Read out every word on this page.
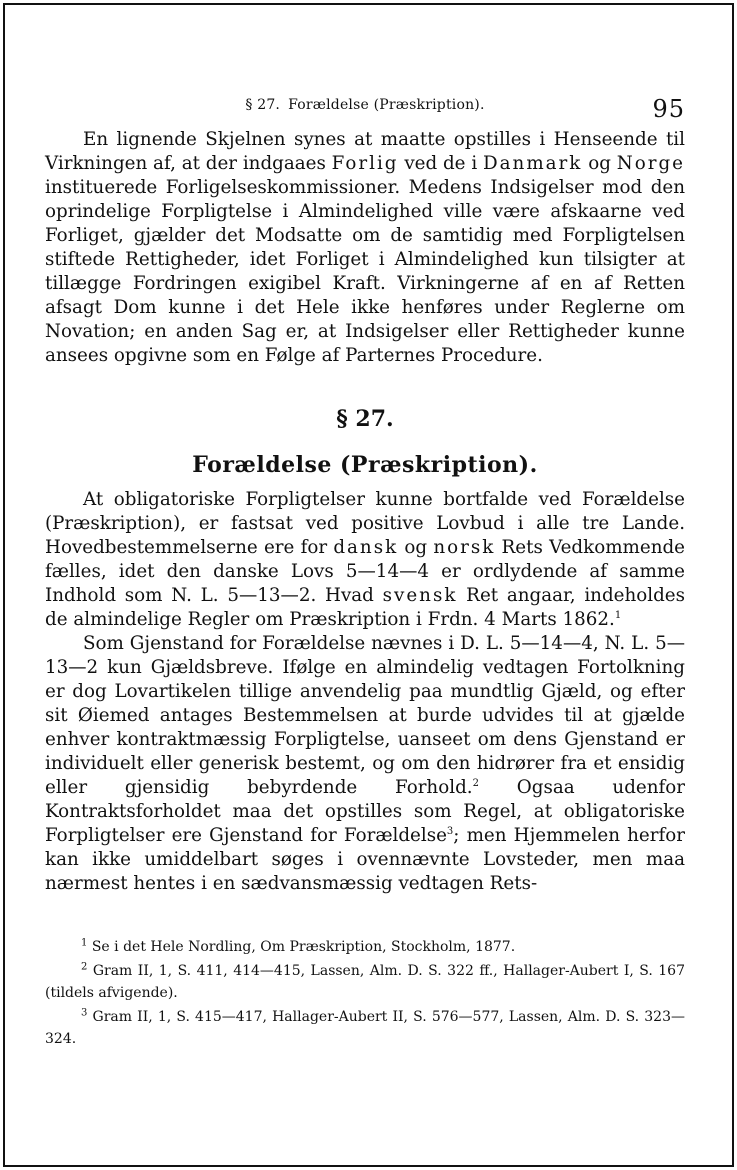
§ 27. Forældelse (Præskription).	95

En lignende Skjelnen synes at maatte opstilles i Henseende til Virkningen af, at der indgaaes Forlig ved de i Danmark og Norge instituerede Forligelseskommissioner. Medens Indsigelser mod den oprindelige Forpligtelse i Almindelighed ville være afskaarne ved Forliget, gjælder det Modsatte om de samtidig med Forpligtelsen stiftede Rettigheder, idet Forliget i Almindelighed kun tilsigter at tillægge Fordringen exigibel Kraft. Virkningerne af en af Retten afsagt Dom kunne i det Hele ikke henføres under Reglerne om Novation; en anden Sag er, at Indsigelser eller Rettigheder kunne ansees opgivne som en Følge af Parternes Procedure.

§ 27.

Forældelse (Præskription).

At obligatoriske Forpligtelser kunne bortfalde ved Forældelse (Præskription), er fastsat ved positive Lovbud i alle tre Lande. Hovedbestemmelserne ere for dansk og norsk Rets Vedkommende fælles, idet den danske Lovs 5—14—4 er ordlydende af samme Indhold som N. L. 5—13—2. Hvad svensk Ret angaar, indeholdes de almindelige Regler om Præskription i Frdn. 4 Marts 1862.$^1$

Som Gjenstand for Forældelse nævnes i D. L. 5—14—4, N. L. 5—13—2 kun Gjældsbreve. Ifølge en almindelig vedtagen Fortolkning er dog Lovartikelen tillige anvendelig paa mundtlig Gjæld, og efter sit Øiemed antages Bestemmelsen at burde udvides til at gjælde enhver kontraktmæssig Forpligtelse, uanseet om dens Gjenstand er individuelt eller generisk bestemt, og om den hidrører fra et ensidig eller gjensidig bebyrdende Forhold.$^2$ Ogsaa udenfor Kontraktsforholdet maa det opstilles som Regel, at obligatoriske Forpligtelser ere Gjenstand for Forældelse$^3$; men Hjemmelen herfor kan ikke umiddelbart søges i ovennævnte Lovsteder, men maa nærmest hentes i en sædvansmæssig vedtagen Rets-

$^1$ Se i det Hele Nordling, Om Præskription, Stockholm, 1877.

$^2$ Gram II, 1, S. 411, 414—415, Lassen, Alm. D. S. 322 ff., Hallager-Aubert I, S. 167 (tildels afvigende).

$^3$ Gram II, 1, S. 415—417, Hallager-Aubert II, S. 576—577, Lassen, Alm. D. S. 323—324.
